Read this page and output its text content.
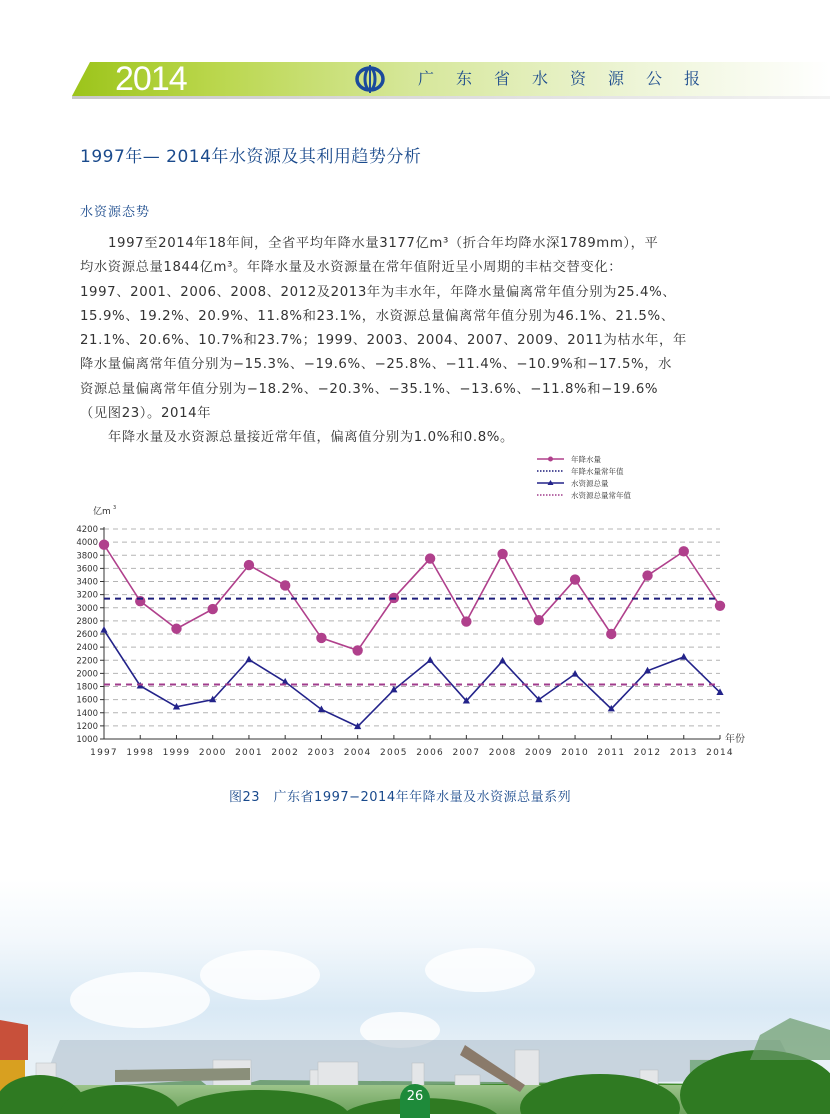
2014	广东省水资源公报
1997年— 2014年水资源及其利用趋势分析
水资源态势
1997至2014年18年间，全省平均年降水量3177亿m³（折合年均降水深1789mm），平
均水资源总量1844亿m³。年降水量及水资源量在常年值附近呈小周期的丰枯交替变化：
1997、2001、2006、2008、2012及2013年为丰水年，年降水量偏离常年值分别为25.4%、
15.9%、19.2%、20.9%、11.8%和23.1%，水资源总量偏离常年值分别为46.1%、21.5%、
21.1%、20.6%、10.7%和23.7%；1999、2003、2004、2007、2009、2011为枯水年，年
降水量偏离常年值分别为−15.3%、−19.6%、−25.8%、−11.4%、−10.9%和−17.5%，水
资源总量偏离常年值分别为−18.2%、−20.3%、−35.1%、−13.6%、−11.8%和−19.6%
（见图23）。2014年
年降水量及水资源总量接近常年值，偏离值分别为1.0%和0.8%。
1000
1200
1400
1600
1800
2000
2200
2400
2600
2800
3000
3200
3400
3600
3800
4000
4200
1997 1998 1999 2000 2001 2002 2003 2004 2005 2006 2007 2008 2009 2010 2011 2012 2013 2014
亿m 3
年份
年降水量
年降水量常年值
水资源总量
水资源总量常年值
图23　广东省1997−2014年年降水量及水资源总量系列
26
